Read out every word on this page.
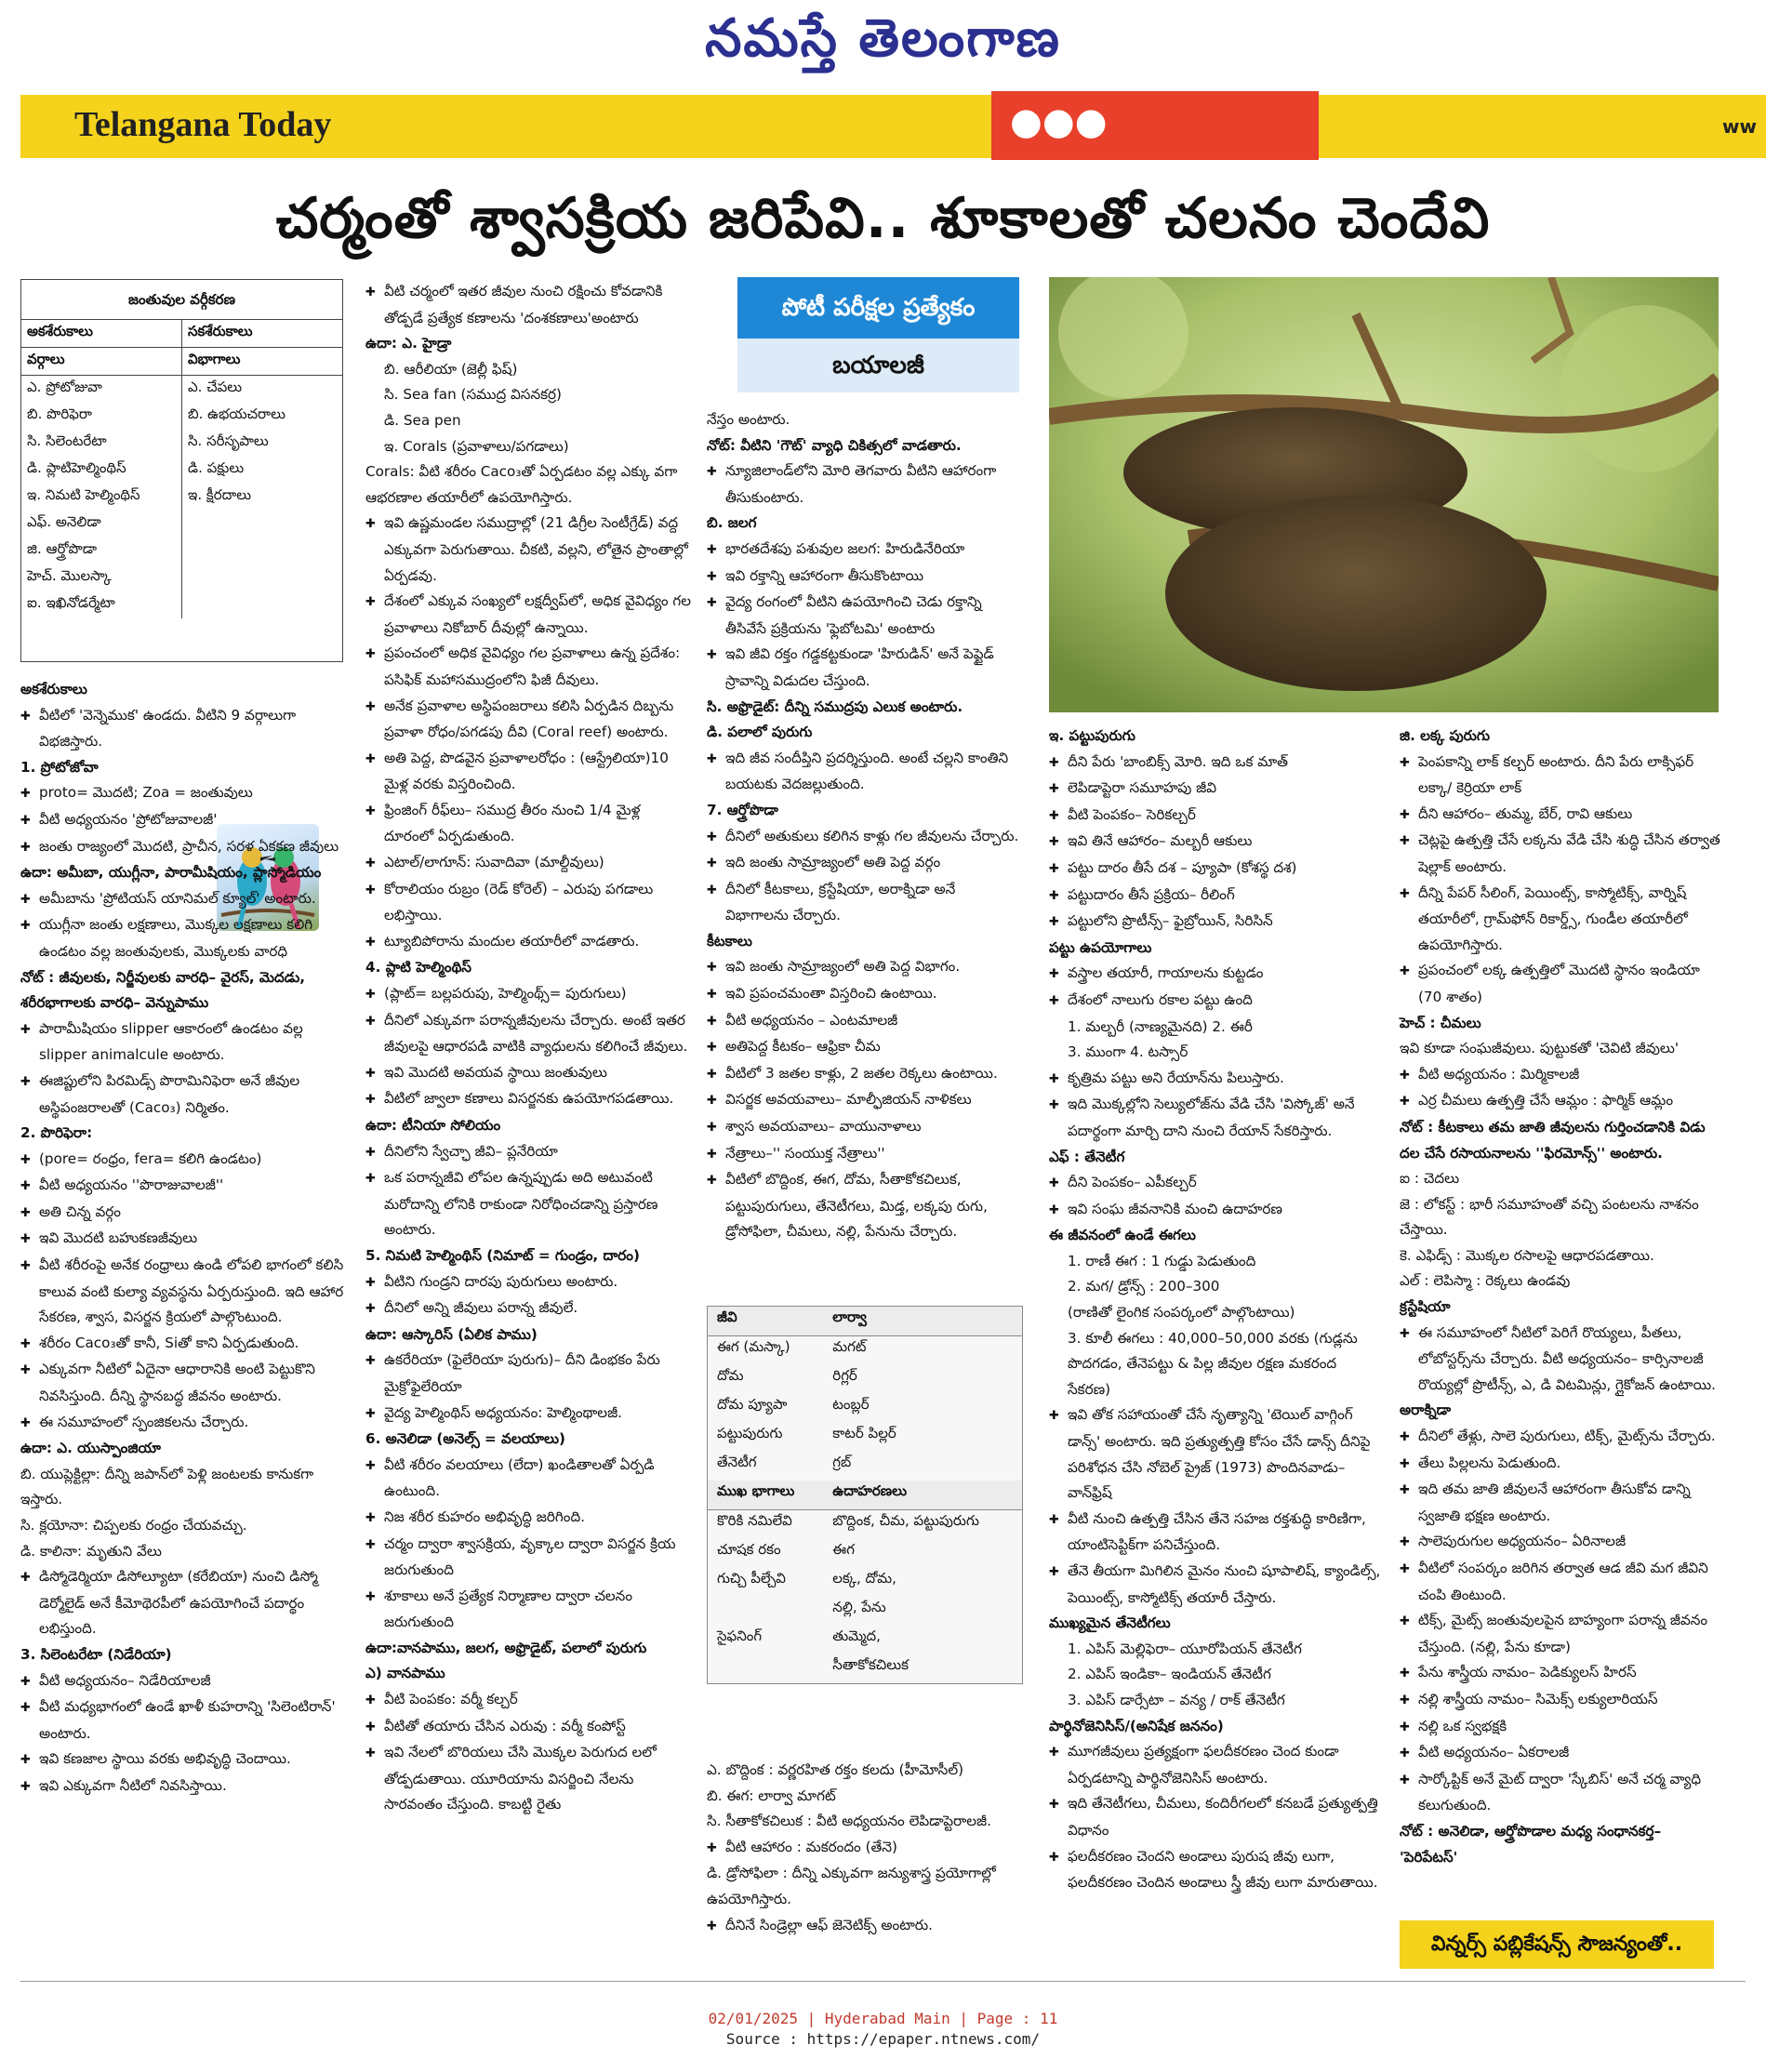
నమస్తే తెలంగాణ
Telangana Today	●●●	ww
చర్మంతో శ్వాసక్రియ జరిపేవి.. శూకాలతో చలనం చెందేవి
జంతువుల వర్గీకరణ
అకశేరుకాలు	సకశేరుకాలు
వర్గాలు	విభాగాలు
ఎ. ప్రోటోజువా	ఎ. చేపలు
బి. పొరిఫెరా	బి. ఉభయచరాలు
సి. సిలెంటరేటా	సి. సరీసృపాలు
డి. ప్లాటిహెల్మింథిస్	డి. పక్షులు
ఇ. నిమటి హెల్మింథిస్	ఇ. క్షీరదాలు
ఎఫ్. అనెలిడా	
జి. ఆర్త్రోపొడా	
హెచ్. మొలస్కా	
ఐ. ఇఖినోడర్మేటా	

అకశేరుకాలు

✚ వీటిలో 'వెన్నెముక' ఉండదు. వీటిని 9 వర్గాలుగా విభజిస్తారు.

1. ప్రోటోజోవా

✚ proto= మొదటి; Zoa = జంతువులు

✚ వీటి అధ్యయనం 'ప్రోటోజువాలజీ'

✚ జంతు రాజ్యంలో మొదటి, ప్రాచీన, సరళ ఏకకణ జీవులు

ఉదా: అమీబా, యుగ్లీనా, పారామీషియం, ప్లాస్మోడియం

✚ అమీబాను 'ప్రోటియస్ యానిమల్ క్యూల్' అంటారు.

✚ యుగ్లీనా జంతు లక్షణాలు, మొక్కల లక్షణాలు కలిగి ఉండటం వల్ల జంతువులకు, మొక్కలకు వారధి

నోట్ : జీవులకు, నిర్జీవులకు వారధి– వైరస్, మెదడు, శరీరభాగాలకు వారధి– వెన్నుపాము

✚ పారామీషియం slipper ఆకారంలో ఉండటం వల్ల slipper animalcule అంటారు.

✚ ఈజిప్టులోని పిరమిడ్స్ పొరామినిఫెరా అనే జీవుల అస్థిపంజరాలతో (Caco₃) నిర్మితం.

2. పొరిఫెరా:

✚ (pore= రంధ్రం, fera= కలిగి ఉండటం)

✚ వీటి అధ్యయనం ''పొరాజువాలజీ''

✚ అతి చిన్న వర్గం

✚ ఇవి మొదటి బహుకణజీవులు

✚ వీటి శరీరంపై అనేక రంధ్రాలు ఉండి లోపలి భాగంలో కలిసి కాలువ వంటి కుల్యా వ్యవస్థను ఏర్పరుస్తుంది. ఇది ఆహార సేకరణ, శ్వాస, విసర్జన క్రియలో పాల్గొంటుంది.

✚ శరీరం Caco₃తో కానీ, Siతో కాని ఏర్పడుతుంది.

✚ ఎక్కువగా నీటిలో ఏదైనా ఆధారానికి అంటి పెట్టుకొని నివసిస్తుంది. దీన్ని స్థానబద్ధ జీవనం అంటారు.

✚ ఈ సమూహంలో స్పంజికలను చేర్చారు.

ఉదా: ఎ. యుస్పాంజియా

బి. యుప్లెక్టిల్లా: దీన్ని జపాన్‌లో పెళ్లి జంటలకు కానుకగా ఇస్తారు.

సి. క్లయోనా: చిప్పలకు రంధ్రం చేయవచ్చు.

డి. కాలినా: మృతుని వేలు

✚ డిస్మోడెర్మియా డిసోల్యూటా (కరేబియా) నుంచి డిస్మో డెర్మోలైడ్ అనే కీమోథెరపీలో ఉపయోగించే పదార్థం లభిస్తుంది.

3. సిలెంటరేటా (నిడేరియా)

✚ వీటి అధ్యయనం– నిడేరియాలజీ

✚ వీటి మధ్యభాగంలో ఉండే ఖాళీ కుహరాన్ని 'సిలెంటిరాన్' అంటారు.

✚ ఇవి కణజాల స్థాయి వరకు అభివృద్ధి చెందాయి.

✚ ఇవి ఎక్కువగా నీటిలో నివసిస్తాయి.

✚ వీటి చర్మంలో ఇతర జీవుల నుంచి రక్షించు కోవడానికి తోడ్పడే ప్రత్యేక కణాలను 'దంశకణాలు'అంటారు

ఉదా: ఎ. హైడ్రా

బి. ఆరీలియా (జెల్లీ ఫిష్)

సి. Sea fan (సముద్ర విసనకర్ర)

డి. Sea pen

ఇ. Corals (ప్రవాళాలు/పగడాలు)

Corals: వీటి శరీరం Caco₃తో ఏర్పడటం వల్ల ఎక్కు వగా ఆభరణాల తయారీలో ఉపయోగిస్తారు.

✚ ఇవి ఉష్ణమండల సముద్రాల్లో (21 డిగ్రీల సెంటీగ్రేడ్) వద్ద ఎక్కువగా పెరుగుతాయి. చీకటి, వల్లని, లోతైన ప్రాంతాల్లో ఏర్పడవు.

✚ దేశంలో ఎక్కువ సంఖ్యలో లక్షద్వీప్‌లో, అధిక వైవిధ్యం గల ప్రవాళాలు నికోబార్ దీవుల్లో ఉన్నాయి.

✚ ప్రపంచంలో అధిక వైవిధ్యం గల ప్రవాళాలు ఉన్న ప్రదేశం: పసిఫిక్ మహాసముద్రంలోని ఫిజీ దీవులు.

✚ అనేక ప్రవాళాల అస్థిపంజరాలు కలిసి ఏర్పడిన దిబ్బను ప్రవాళా రోధం/పగడపు దీవి (Coral reef) అంటారు.

✚ అతి పెద్ద, పొడవైన ప్రవాళాలరోధం : (ఆస్ట్రేలియా)10 మైళ్ల వరకు విస్తరించింది.

✚ ఫ్రింజింగ్ రీఫ్‌లు– సముద్ర తీరం నుంచి 1/4 మైళ్ల దూరంలో ఏర్పడుతుంది.

✚ ఎటాల్/లాగూన్: సువాదివా (మాల్దీవులు)

✚ కోరాలియం రుబ్రం (రెడ్ కోరెల్) – ఎరుపు పగడాలు లభిస్తాయి.

✚ ట్యూబిపోరాను మందుల తయారీలో వాడతారు.

4. ప్లాటి హెల్మింథిస్

✚ (ప్లాట్= బల్లపరుపు, హెల్మింథ్స్= పురుగులు)

✚ దీనిలో ఎక్కువగా పరాన్నజీవులను చేర్చారు. అంటే ఇతర జీవులపై ఆధారపడి వాటికి వ్యాధులను కలిగించే జీవులు.

✚ ఇవి మొదటి అవయవ స్థాయి జంతువులు

✚ వీటిలో జ్వాలా కణాలు విసర్జనకు ఉపయోగపడతాయి.

ఉదా: టీనియా సోలియం

✚ దీనిలోని స్వేచ్ఛా జీవి– ప్లనేరియా

✚ ఒక పరాన్నజీవి లోపల ఉన్నప్పుడు అది అటువంటి మరోదాన్ని లోనికి రాకుండా నిరోధించడాన్ని ప్రస్తారణ అంటారు.

5. నిమటి హెల్మింథిస్ (నిమాట్ = గుండ్రం, దారం)

✚ వీటిని గుండ్రని దారపు పురుగులు అంటారు.

✚ దీనిలో అన్ని జీవులు పరాన్న జీవులే.

ఉదా: ఆస్కారిస్ (ఏలిక పాము)

✚ ఉకరేరియా (ఫైలేరియా పురుగు)– దీని డింభకం పేరు మైక్రోఫైలేరియా

✚ వైద్య హెల్మింథిస్‌ అధ్యయనం: హెల్మింథాలజీ.

6. అనెలిడా (అనెల్స్‌ = వలయాలు)

✚ వీటి శరీరం వలయాలు (లేదా) ఖండితాలతో ఏర్పడి ఉంటుంది.

✚ నిజ శరీర కుహరం అభివృద్ధి జరిగింది.

✚ చర్మం ద్వారా శ్వాసక్రియ, వృక్కాల ద్వారా విసర్జన క్రియ జరుగుతుంది

✚ శూకాలు అనే ప్రత్యేక నిర్మాణాల ద్వారా చలనం జరుగుతుంది

ఉదా:వానపాము, జలగ, అఫ్రొడైట్, పలాలో పురుగు

ఎ) వానపాము

✚ వీటి పెంపకం: వర్మీ కల్చర్

✚ వీటితో తయారు చేసిన ఎరువు : వర్మీ కంపోస్ట్

✚ ఇవి నేలలో బొరియలు చేసి మొక్కల పెరుగుద లలో తోడ్పడుతాయి. యూరియాను విసర్జించి నేలను సారవంతం చేస్తుంది. కాబట్టి రైతు

పోటీ పరీక్షల ప్రత్యేకం
బయాలజీ

నేస్తం అంటారు.

నోట్: వీటిని 'గౌట్' వ్యాధి చికిత్సలో వాడతారు.

✚ న్యూజిలాండ్‌లోని మోరి తెగవారు వీటిని ఆహారంగా తీసుకుంటారు.

బి. జలగ

✚ భారతదేశపు పశువుల జలగ: హిరుడినేరియా

✚ ఇవి రక్తాన్ని ఆహారంగా తీసుకొంటాయి

✚ వైద్య రంగంలో వీటిని ఉపయోగించి చెడు రక్తాన్ని తీసివేసే ప్రక్రియను 'ఫ్లెబోటమి' అంటారు

✚ ఇవి జీవి రక్తం గడ్డకట్టకుండా 'హిరుడిన్' అనే పెప్టైడ్‌ స్రావాన్ని విడుదల చేస్తుంది.

సి. అఫ్రొడైట్: దీన్ని సముద్రపు ఎలుక అంటారు.

డి. పలాలో పురుగు

✚ ఇది జీవ సందీప్తిని ప్రదర్శిస్తుంది. అంటే చల్లని కాంతిని బయటకు వెదజల్లుతుంది.

7. ఆర్త్రోపొడా

✚ దీనిలో అతుకులు కలిగిన కాళ్లు గల జీవులను చేర్చారు.

✚ ఇది జంతు సామ్రాజ్యంలో అతి పెద్ద వర్గం

✚ దీనిలో కీటకాలు, క్రస్టేషియా, అరాక్నిడా అనే విభాగాలను చేర్చారు.

కీటకాలు

✚ ఇవి జంతు సామ్రాజ్యంలో అతి పెద్ద విభాగం.

✚ ఇవి ప్రపంచమంతా విస్తరించి ఉంటాయి.

✚ వీటి అధ్యయనం – ఎంటమాలజీ

✚ అతిపెద్ద కీటకం– ఆఫ్రికా చీమ

✚ వీటిలో 3 జతల కాళ్లు, 2 జతల రెక్కలు ఉంటాయి.

✚ విసర్జక అవయవాలు– మాల్ఫీజియన్ నాళికలు

✚ శ్వాస అవయవాలు– వాయునాళాలు

✚ నేత్రాలు–'' సంయుక్త నేత్రాలు''

✚ వీటిలో బొద్దింక, ఈగ, దోమ, సీతాకోకచిలుక, పట్టుపురుగులు, తేనెటీగలు, మిడ్త, లక్కపు రుగు, డ్రోసోఫిలా, చీమలు, నల్లి, పేనును చేర్చారు.

జీవి	లార్వా
ఈగ (మస్కా)	మగట్
దోమ	రిగ్లర్
దోమ ప్యూపా	టంబ్లర్
పట్టుపురుగు	కాటర్ పిల్లర్
తేనెటీగ	గ్రబ్
ముఖ భాగాలు	ఉదాహరణలు
కొరికి నమిలేవి	బొద్దింక, చీమ, పట్టుపురుగు
చూషక రకం	ఈగ
గుచ్చి పీల్చేవి	లక్క, దోమ,
	నల్లి, పేను
సైఫనింగ్	తుమ్మెద,
	సీతాకోకచిలుక

ఎ. బొద్దింక : వర్ణరహిత రక్తం కలదు (హీమోసీల్)

బి. ఈగ: లార్వా మాగట్

సి. సీతాకోకచిలుక : వీటి అధ్యయనం లెపిడాప్టెరాలజీ.

✚ వీటి ఆహారం : మకరందం (తేనె)

డి. డ్రోసోఫిలా : దీన్ని ఎక్కువగా జన్యుశాస్త్ర ప్రయోగాల్లో ఉపయోగిస్తారు.

✚ దీనినే సిండ్రెల్లా ఆఫ్ జెనెటిక్స్ అంటారు.

ఇ. పట్టుపురుగు

✚ దీని పేరు 'బాంబిక్స్ మోరి. ఇది ఒక మాత్

✚ లెపిడాప్టెరా సమూహపు జీవి

✚ వీటి పెంపకం– సెరికల్చర్

✚ ఇవి తినే ఆహారం– మల్బరీ ఆకులు

✚ పట్టు దారం తీసే దశ – ప్యూపా (కోశస్థ దశ)

✚ పట్టుదారం తీసే ప్రక్రియ– రీలింగ్

✚ పట్టులోని ప్రొటీన్స్– ఫైబ్రోయిన్, సిరిసిన్

పట్టు ఉపయోగాలు

✚ వస్త్రాల తయారీ, గాయాలను కుట్టడం

✚ దేశంలో నాలుగు రకాల పట్టు ఉంది

1. మల్బరీ (నాణ్యమైనది) 2. ఈరీ

3. ముంగా 4. టస్సార్

✚ కృత్రిమ పట్టు అని రేయాన్‌ను పిలుస్తారు.

✚ ఇది మొక్కల్లోని సెల్యులోజ్‌ను వేడి చేసి 'విస్కోజ్' అనే పదార్థంగా మార్చి దాని నుంచి రేయాన్ సేకరిస్తారు.

ఎఫ్ : తేనెటీగ

✚ దీని పెంపకం– ఎపీకల్చర్

✚ ఇవి సంఘ జీవనానికి మంచి ఉదాహరణ

ఈ జీవనంలో ఉండే ఈగలు

1. రాణీ ఈగ : 1 గుడ్డు పెడుతుంది

2. మగ/ డ్రోన్స్ : 200–300

(రాణితో లైంగిక సంపర్కంలో పాల్గొంటాయి)

3. కూలీ ఈగలు : 40,000–50,000 వరకు (గుడ్లను పొదగడం, తేనెపట్టు & పిల్ల జీవుల రక్షణ మకరంద సేకరణ)

✚ ఇవి తోక సహాయంతో చేసే నృత్యాన్ని 'టెయిల్ వాగ్గింగ్ డాన్స్' అంటారు. ఇది ప్రత్యుత్పత్తి కోసం చేసే డాన్స్ దీనిపై పరిశోధన చేసి నోబెల్ ప్రైజ్ (1973) పొందినవాడు– వాన్‌ఫ్రిష్

✚ వీటి నుంచి ఉత్పత్తి చేసిన తేనె సహజ రక్తశుద్ధి కారిణిగా, యాంటిసెప్టిక్‌గా పనిచేస్తుంది.

✚ తేనె తీయగా మిగిలిన మైనం నుంచి షూపాలిష్, క్యాండిల్స్, పెయింట్స్, కాస్మోటిక్స్ తయారీ చేస్తారు.

ముఖ్యమైన తేనెటీగలు

1. ఎపిస్ మెల్లిఫెరా– యూరోపియన్ తేనెటీగ

2. ఎపిస్ ఇండికా– ఇండియన్ తేనెటీగ

3. ఎపిస్ డార్సేటా – వన్య / రాక్ తేనెటీగ

పార్థినోజెనిసిస్/(అనిషేక జననం)

✚ మూగజీవులు ప్రత్యక్షంగా ఫలదీకరణం చెంద కుండా ఏర్పడటాన్ని పార్థినోజెనిసిస్ అంటారు.

✚ ఇది తేనెటీగలు, చీమలు, కందిరీగలలో కనబడే ప్రత్యుత్పత్తి విధానం

✚ ఫలదీకరణం చెందని అండాలు పురుష జీవు లుగా, ఫలదీకరణం చెందిన అండాలు స్త్రీ జీవు లుగా మారుతాయి.

జి. లక్క పురుగు

✚ పెంపకాన్ని లాక్ కల్చర్ అంటారు. దీని పేరు లాక్సిఫర్ లక్కా/ కెర్రియా లాక్

✚ దీని ఆహారం– తుమ్మ, బేర్, రావి ఆకులు

✚ చెట్లపై ఉత్పత్తి చేసే లక్కను వేడి చేసి శుద్ధి చేసిన తర్వాత షెల్లాక్ అంటారు.

✚ దీన్ని పేపర్ సీలింగ్, పెయింట్స్, కాస్మోటిక్స్, వార్నిష్ తయారీలో, గ్రామ్‌ఫోన్ రికార్డ్స్, గుండీల తయారీలో ఉపయోగిస్తారు.

✚ ప్రపంచంలో లక్క ఉత్పత్తిలో మొదటి స్థానం ఇండియా (70 శాతం)

హెచ్ : చీమలు

ఇవి కూడా సంఘజీవులు. పుట్టుకతో 'చెవిటి జీవులు'

✚ వీటి అధ్యయనం : మిర్మికాలజీ

✚ ఎర్ర చీమలు ఉత్పత్తి చేసే ఆమ్లం : ఫార్మిక్ ఆమ్లం

నోట్ : కీటకాలు తమ జాతి జీవులను గుర్తించడానికి విడు దల చేసే రసాయనాలను ''ఫిరమోన్స్'' అంటారు.

ఐ : చెదలు

జె : లోకస్ట్ : భారీ సమూహంతో వచ్చి పంటలను నాశనం చేస్తాయి.

కె. ఎఫిడ్స్ : మొక్కల రసాలపై ఆధారపడతాయి.

ఎల్ : లెపిస్మా : రెక్కలు ఉండవు

క్రస్టేషియా

✚ ఈ సమూహంలో నీటిలో పెరిగే రొయ్యలు, పీతలు, లోబోస్టర్స్‌ను చేర్చారు. వీటి అధ్యయనం– కార్సినాలజీ రొయ్యల్లో ప్రొటీన్స్, ఎ, డి విటమిన్లు, గ్లైకోజన్ ఉంటాయి.

అరాక్నిడా

✚ దీనిలో తేళ్లు, సాలె పురుగులు, టిక్స్, మైట్స్‌ను చేర్చారు.

✚ తేలు పిల్లలను పెడుతుంది.

✚ ఇది తమ జాతి జీవులనే ఆహారంగా తీసుకోవ డాన్ని స్వజాతి భక్షణ అంటారు.

✚ సాలెపురుగుల అధ్యయనం– ఏరినాలజీ

✚ వీటిలో సంపర్కం జరిగిన తర్వాత ఆడ జీవి మగ జీవిని చంపి తింటుంది.

✚ టిక్స్, మైట్స్ జంతువులపైన బాహ్యంగా పరాన్న జీవనం చేస్తుంది. (నల్లి, పేను కూడా)

✚ పేను శాస్త్రీయ నామం– పెడిక్యులస్ హిరస్

✚ నల్లి శాస్త్రీయ నామం– సిమెక్స్ లక్యులారియస్

✚ నల్లి ఒక స్వభక్షకి

✚ వీటి అధ్యయనం– ఏకరాలజీ

✚ సార్కోప్టిక్ అనే మైట్ ద్వారా 'స్కేబిస్' అనే చర్మ వ్యాధి కలుగుతుంది.

నోట్ : అనెలిడా, ఆర్త్రోపొడాల మధ్య సంధానకర్త– 'పెరిపేటస్'

విన్నర్స్ పబ్లికేషన్స్ సౌజన్యంతో..
02/01/2025 | Hyderabad Main | Page : 11
Source : https://epaper.ntnews.com/
